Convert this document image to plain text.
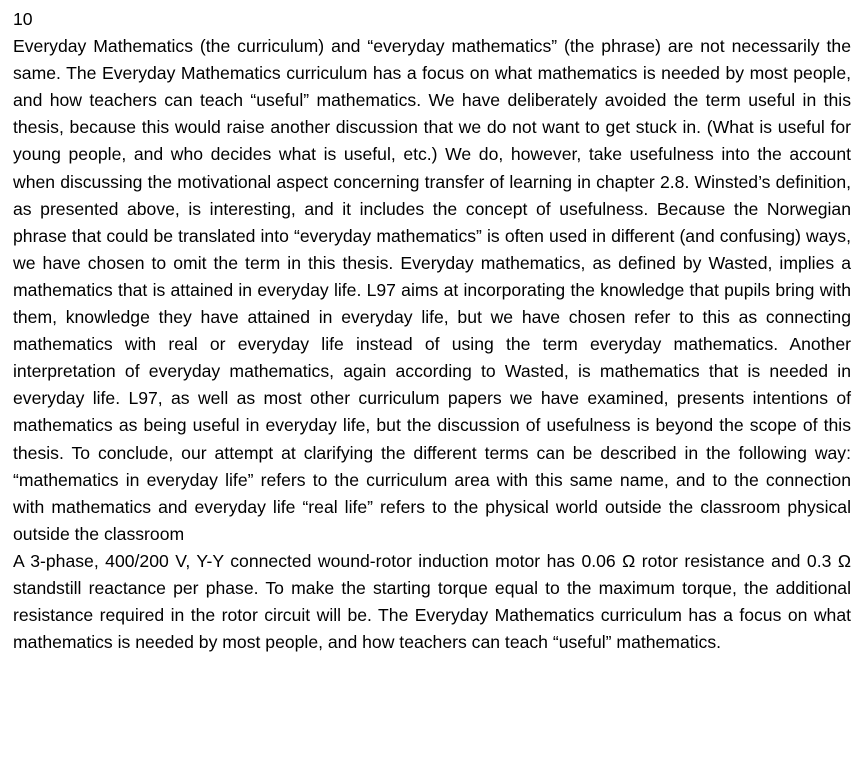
10

Everyday Mathematics (the curriculum) and “everyday mathematics” (the phrase) are not necessarily the same. The Everyday Mathematics curriculum has a focus on what mathematics is needed by most people, and how teachers can teach “useful” mathematics. We have deliberately avoided the term useful in this thesis, because this would raise another discussion that we do not want to get stuck in. (What is useful for young people, and who decides what is useful, etc.) We do, however, take usefulness into the account when discussing the motivational aspect concerning transfer of learning in chapter 2.8. Winsted’s definition, as presented above, is interesting, and it includes the concept of usefulness. Because the Norwegian phrase that could be translated into “everyday mathematics” is often used in different (and confusing) ways, we have chosen to omit the term in this thesis. Everyday mathematics, as defined by Wasted, implies a mathematics that is attained in everyday life. L97 aims at incorporating the knowledge that pupils bring with them, knowledge they have attained in everyday life, but we have chosen refer to this as connecting mathematics with real or everyday life instead of using the term everyday mathematics. Another interpretation of everyday mathematics, again according to Wasted, is mathematics that is needed in everyday life. L97, as well as most other curriculum papers we have examined, presents intentions of mathematics as being useful in everyday life, but the discussion of usefulness is beyond the scope of this thesis. To conclude, our attempt at clarifying the different terms can be described in the following way: “mathematics in everyday life” refers to the curriculum area with this same name, and to the connection with mathematics and everyday life “real life” refers to the physical world outside the classroom physical outside the classroom

A 3-phase, 400/200 V, Y-Y connected wound-rotor induction motor has 0.06 Ω rotor resistance and 0.3 Ω standstill reactance per phase. To make the starting torque equal to the maximum torque, the additional resistance required in the rotor circuit will be. The Everyday Mathematics curriculum has a focus on what mathematics is needed by most people, and how teachers can teach “useful” mathematics.
